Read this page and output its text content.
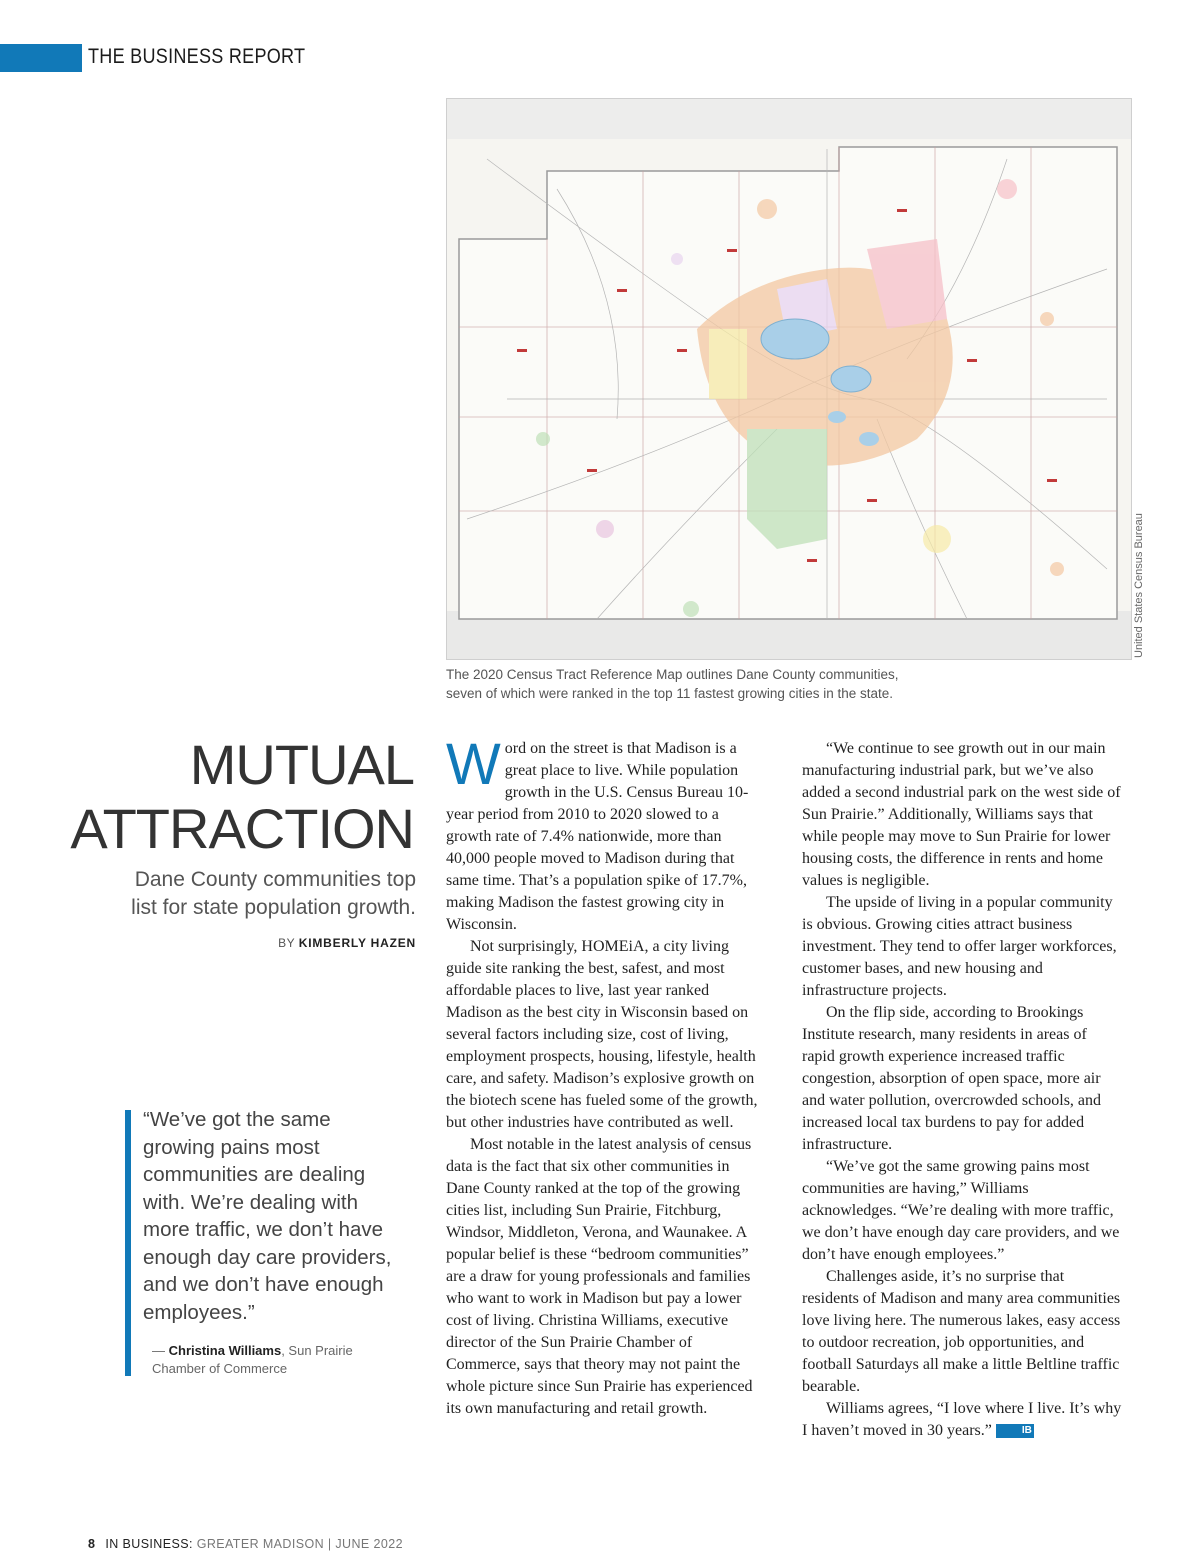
THE BUSINESS REPORT
United States Census Bureau

The 2020 Census Tract Reference Map outlines Dane County communities,

seven of which were ranked in the top 11 fastest growing cities in the state.

MUTUAL
ATTRACTION

Dane County communities top

list for state population growth.

BY KIMBERLY HAZEN

“We’ve got the same growing pains most communities are dealing with. We’re dealing with more traffic, we don’t have enough day care providers, and we don’t have enough employees.”

— Christina Williams, Sun Prairie Chamber of Commerce

Word on the street is that Madison is a great place to live. While population growth in the U.S. Census Bureau 10-year period from 2010 to 2020 slowed to a growth rate of 7.4% nationwide, more than 40,000 people moved to Madison during that same time. That’s a population spike of 17.7%, making Madison the fastest growing city in Wisconsin.

Not surprisingly, HOMEiA, a city living guide site ranking the best, safest, and most affordable places to live, last year ranked Madison as the best city in Wisconsin based on several factors including size, cost of living, employment prospects, housing, lifestyle, health care, and safety. Madison’s explosive growth on the biotech scene has fueled some of the growth, but other industries have contributed as well.

Most notable in the latest analysis of census data is the fact that six other communities in Dane County ranked at the top of the growing cities list, including Sun Prairie, Fitchburg, Windsor, Middleton, Verona, and Waunakee. A popular belief is these “bedroom communities” are a draw for young professionals and families who want to work in Madison but pay a lower cost of living. Christina Williams, executive director of the Sun Prairie Chamber of Commerce, says that theory may not paint the whole picture since Sun Prairie has experienced its own manufacturing and retail growth.

“We continue to see growth out in our main manufacturing industrial park, but we’ve also added a second industrial park on the west side of Sun Prairie.” Additionally, Williams says that while people may move to Sun Prairie for lower housing costs, the difference in rents and home values is negligible.

The upside of living in a popular community is obvious. Growing cities attract business investment. They tend to offer larger workforces, customer bases, and new housing and infrastructure projects.

On the flip side, according to Brookings Institute research, many residents in areas of rapid growth experience increased traffic congestion, absorption of open space, more air and water pollution, overcrowded schools, and increased local tax burdens to pay for added infrastructure.

“We’ve got the same growing pains most communities are having,” Williams acknowledges. “We’re dealing with more traffic, we don’t have enough day care providers, and we don’t have enough employees.”

Challenges aside, it’s no surprise that residents of Madison and many area communities love living here. The numerous lakes, easy access to outdoor recreation, job opportunities, and football Saturdays all make a little Beltline traffic bearable.

Williams agrees, “I love where I live. It’s why I haven’t moved in 30 years.”	IB

8 IN BUSINESS: GREATER MADISON | JUNE 2022
